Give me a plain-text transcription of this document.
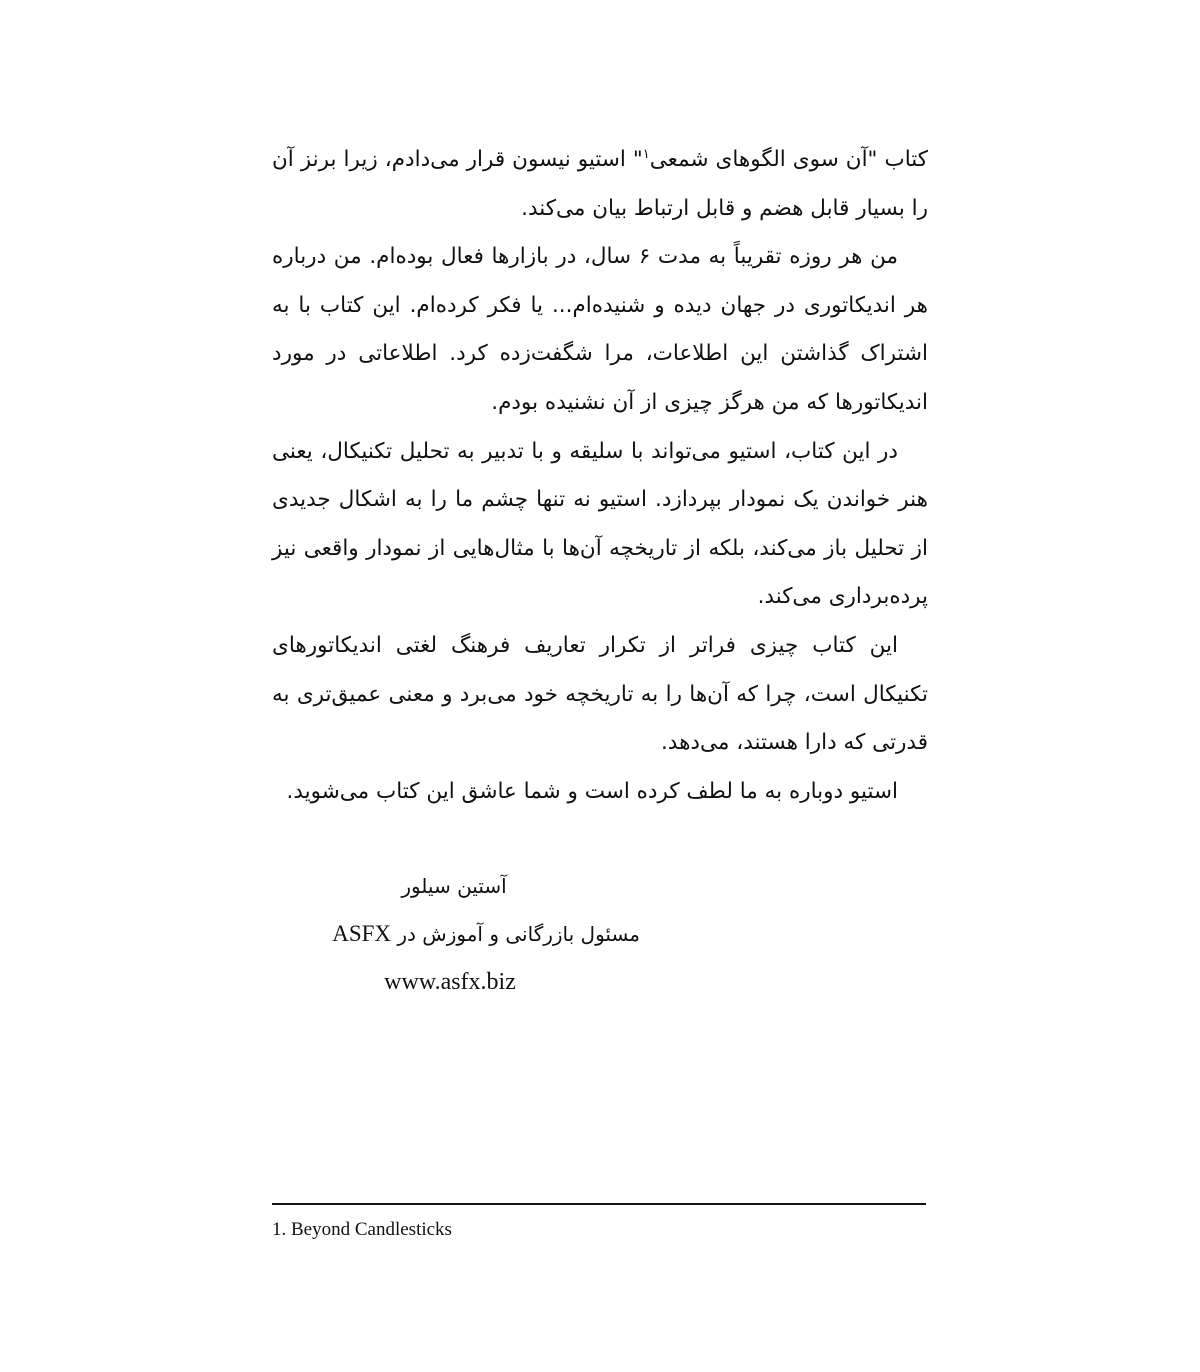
کتاب "آن سوی الگوهای شمعی$^۱$" استیو نیسون قرار می‌دادم، زیرا برنز آن را بسیار قابل هضم و قابل ارتباط بیان می‌کند.

من هر روزه تقریباً به مدت ۶ سال، در بازارها فعال بوده‌ام. من درباره هر اندیکاتوری در جهان دیده و شنیده‌ام... یا فکر کرده‌ام. این کتاب با به اشتراک گذاشتن این اطلاعات، مرا شگفت‌زده کرد. اطلاعاتی در مورد اندیکاتورها که من هرگز چیزی از آن نشنیده بودم.

در این کتاب، استیو می‌تواند با سلیقه و با تدبیر به تحلیل تکنیکال، یعنی هنر خواندن یک نمودار بپردازد. استیو نه تنها چشم ما را به اشکال جدیدی از تحلیل باز می‌کند، بلکه از تاریخچه آن‌ها با مثال‌هایی از نمودار واقعی نیز پرده‌برداری می‌کند.

این کتاب چیزی فراتر از تکرار تعاریف فرهنگ لغتی اندیکاتورهای تکنیکال است، چرا که آن‌ها را به تاریخچه خود می‌برد و معنی عمیق‌تری به قدرتی که دارا هستند، می‌دهد.

استیو دوباره به ما لطف کرده است و شما عاشق این کتاب می‌شوید.

آستین سیلور
مسئول بازرگانی و آموزش در ASFX
www.asfx.biz
1. Beyond Candlesticks
